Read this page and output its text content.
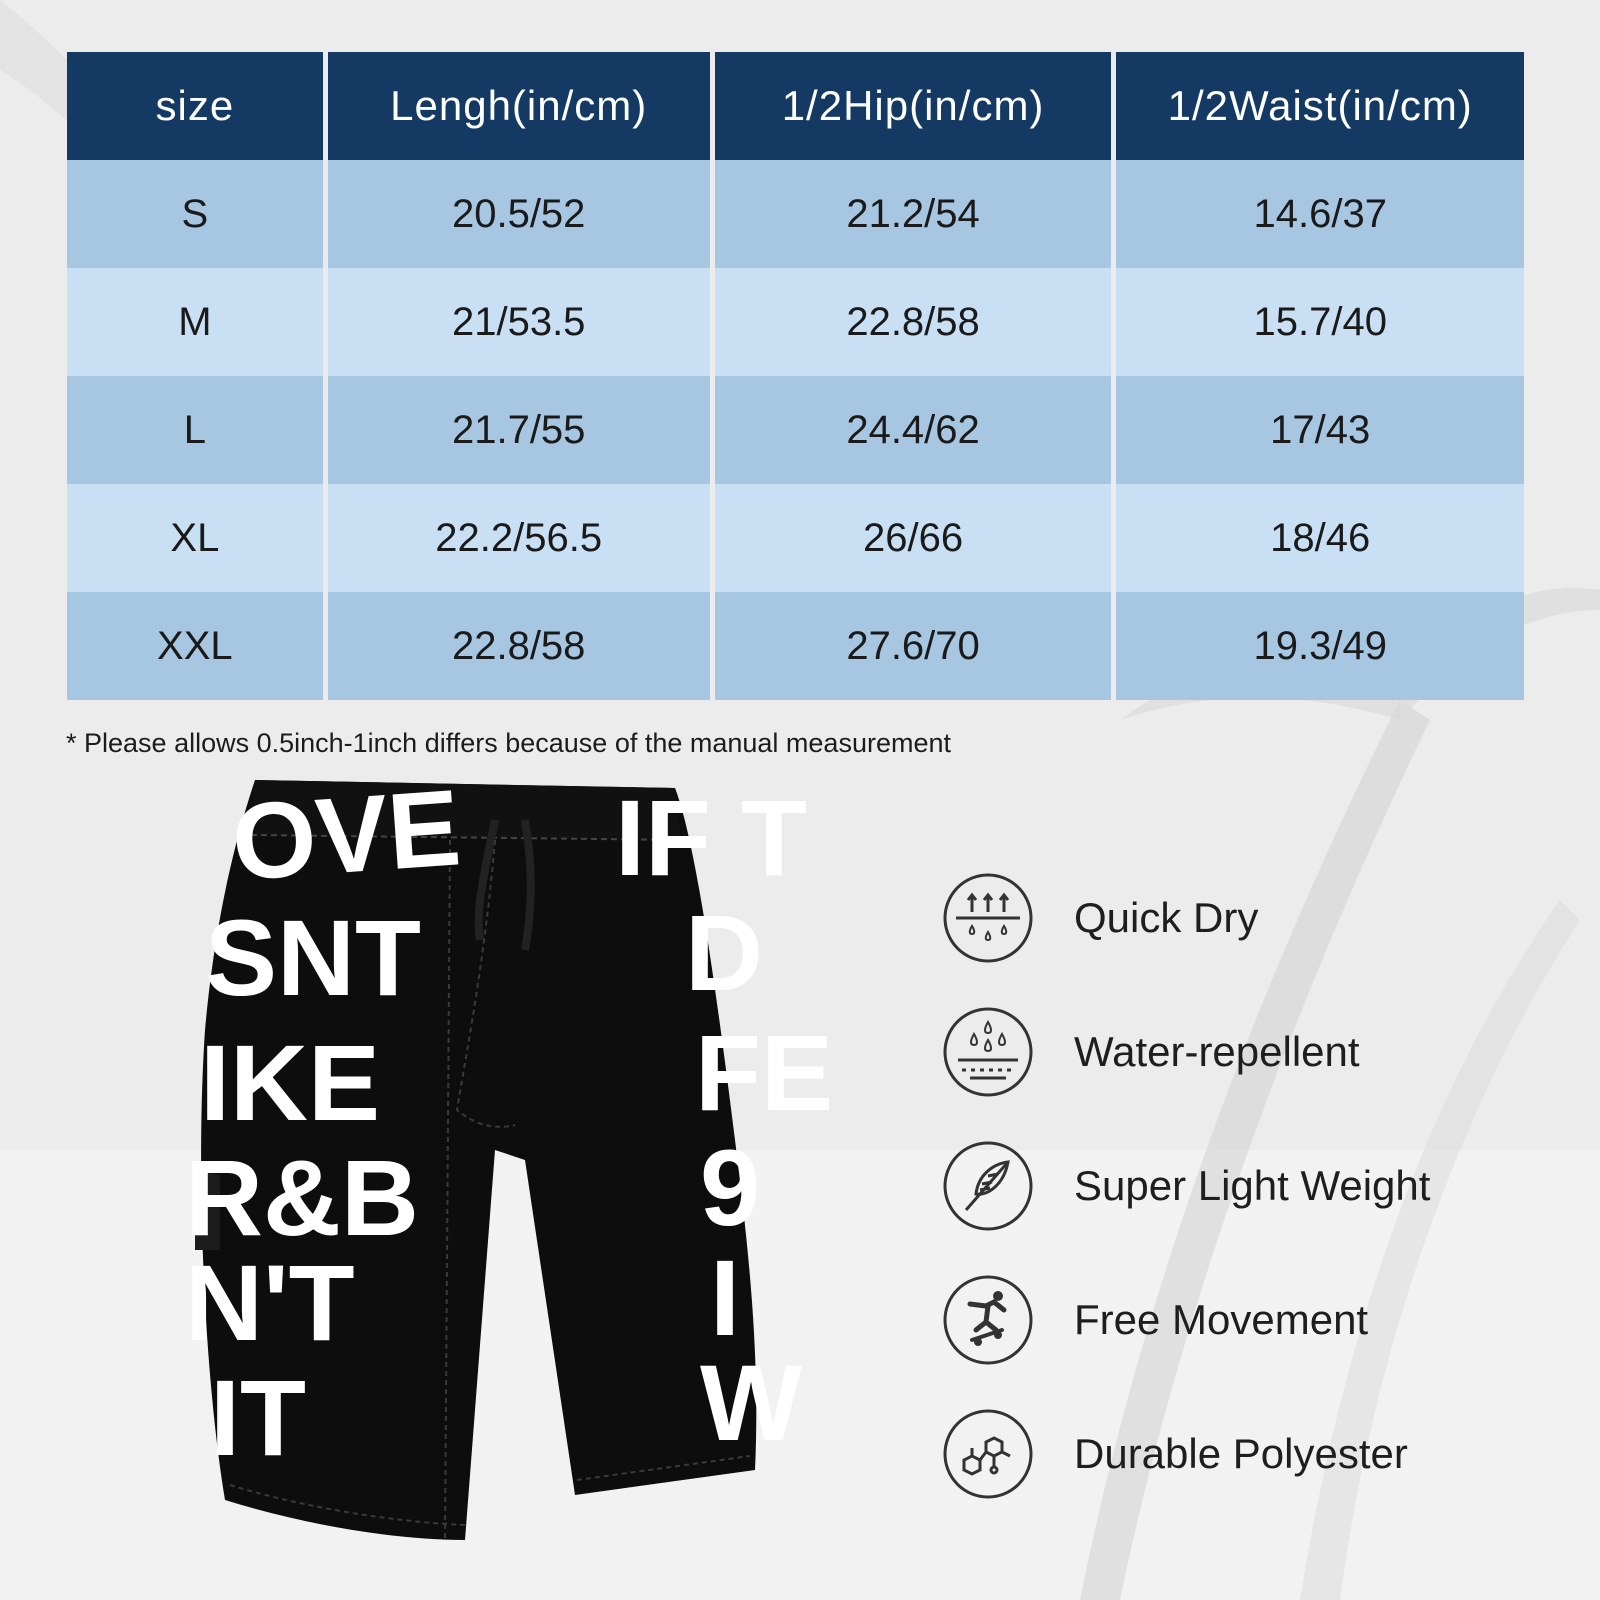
size	Lengh(in/cm)	1/2Hip(in/cm)	1/2Waist(in/cm)
S	20.5/52	21.2/54	14.6/37
M	21/53.5	22.8/58	15.7/40
L	21.7/55	24.4/62	17/43
XL	22.2/56.5	26/66	18/46
XXL	22.8/58	27.6/70	19.3/49
* Please allows 0.5inch-1inch differs because of the manual measurement
OVE
SNT
IKE
R&B
N'T
IT
IF T
D
FE
9
I
W
Quick Dry
Water-repellent
Super Light Weight
Free Movement
Durable Polyester
